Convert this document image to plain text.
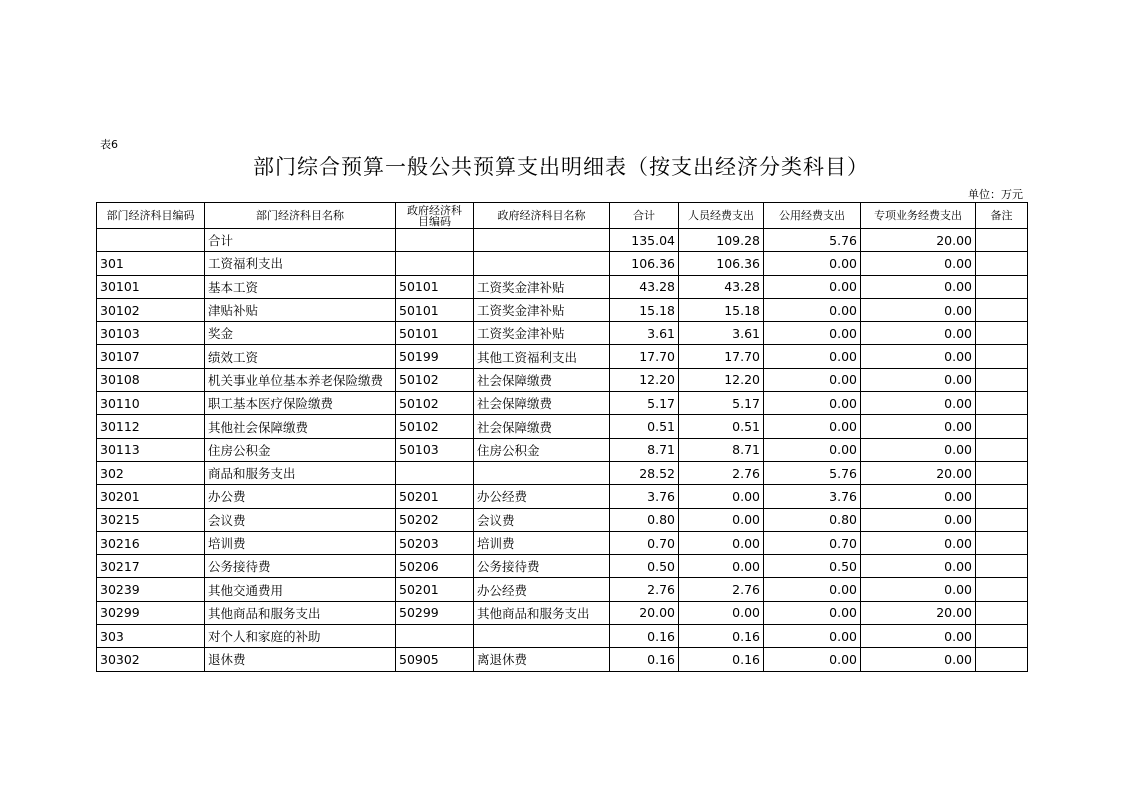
表6
部门综合预算一般公共预算支出明细表（按支出经济分类科目）
单位：万元
部门经济科目编码	部门经济科目名称	政府经济科目编码	政府经济科目名称	合计	人员经费支出	公用经费支出	专项业务经费支出	备注
	合计			135.04	109.28	5.76	20.00	
301	工资福利支出			106.36	106.36	0.00	0.00	
30101	基本工资	50101	工资奖金津补贴	43.28	43.28	0.00	0.00	
30102	津贴补贴	50101	工资奖金津补贴	15.18	15.18	0.00	0.00	
30103	奖金	50101	工资奖金津补贴	3.61	3.61	0.00	0.00	
30107	绩效工资	50199	其他工资福利支出	17.70	17.70	0.00	0.00	
30108	机关事业单位基本养老保险缴费	50102	社会保障缴费	12.20	12.20	0.00	0.00	
30110	职工基本医疗保险缴费	50102	社会保障缴费	5.17	5.17	0.00	0.00	
30112	其他社会保障缴费	50102	社会保障缴费	0.51	0.51	0.00	0.00	
30113	住房公积金	50103	住房公积金	8.71	8.71	0.00	0.00	
302	商品和服务支出			28.52	2.76	5.76	20.00	
30201	办公费	50201	办公经费	3.76	0.00	3.76	0.00	
30215	会议费	50202	会议费	0.80	0.00	0.80	0.00	
30216	培训费	50203	培训费	0.70	0.00	0.70	0.00	
30217	公务接待费	50206	公务接待费	0.50	0.00	0.50	0.00	
30239	其他交通费用	50201	办公经费	2.76	2.76	0.00	0.00	
30299	其他商品和服务支出	50299	其他商品和服务支出	20.00	0.00	0.00	20.00	
303	对个人和家庭的补助			0.16	0.16	0.00	0.00	
30302	退休费	50905	离退休费	0.16	0.16	0.00	0.00	
